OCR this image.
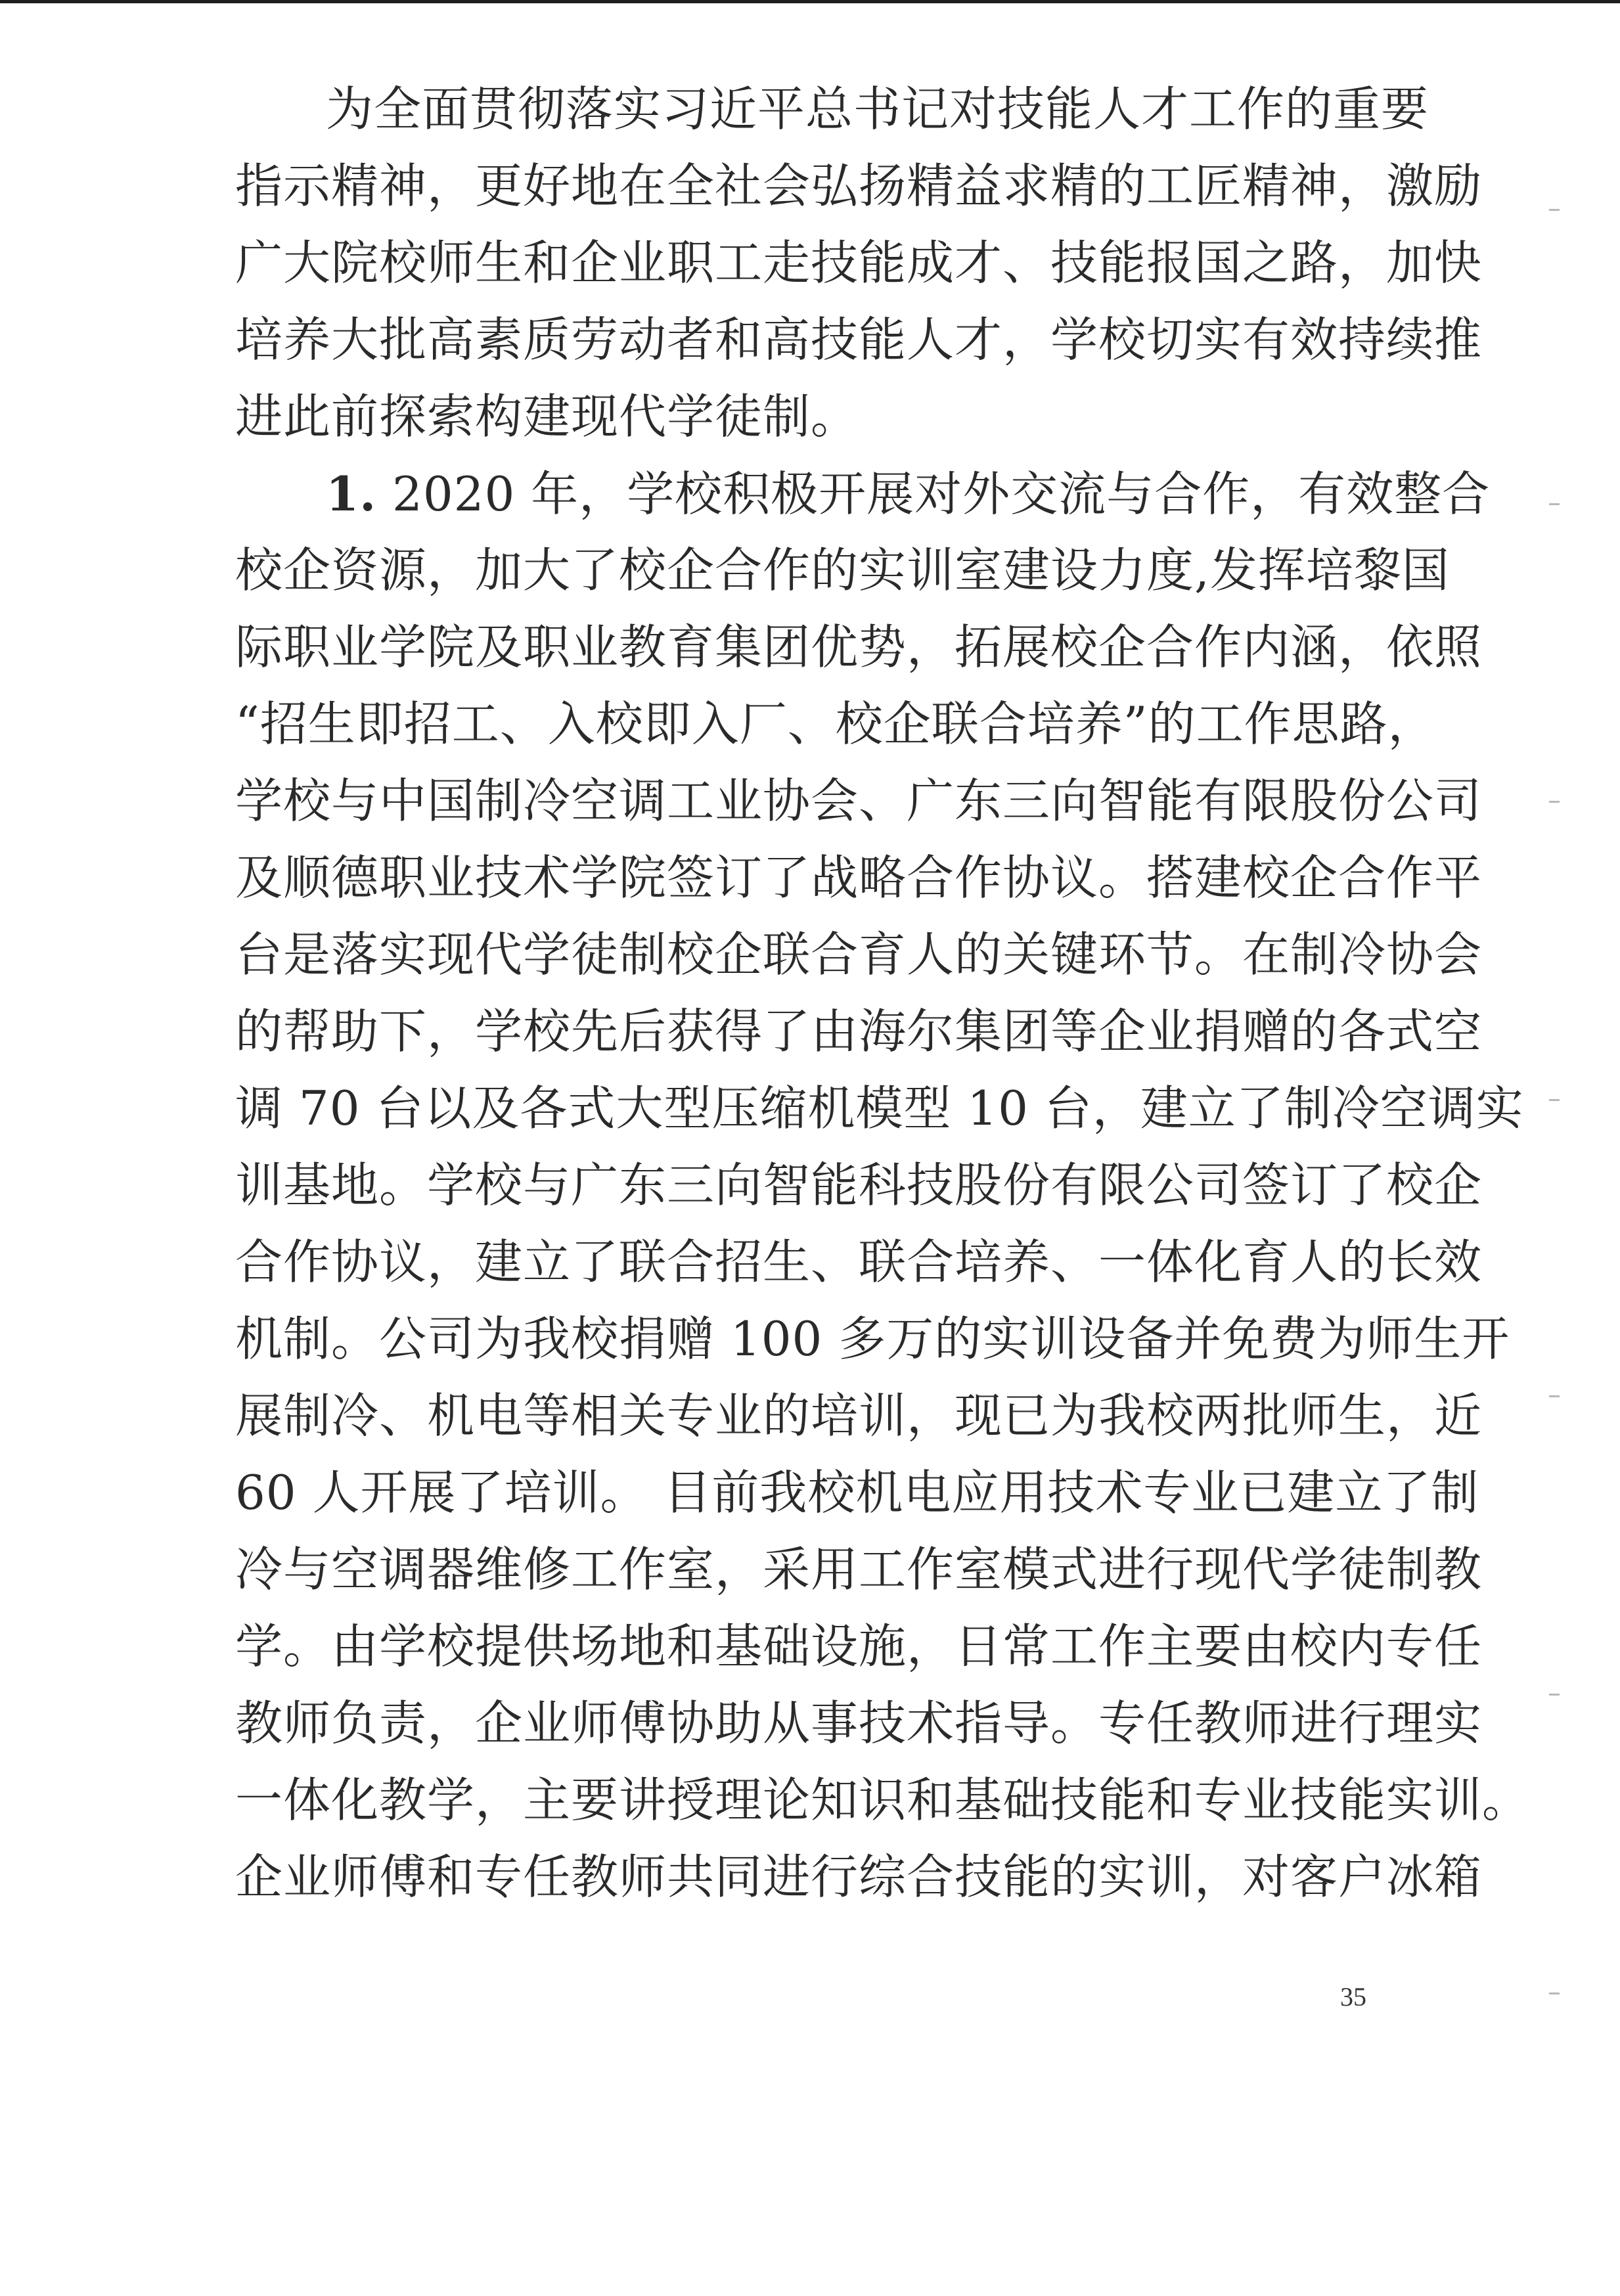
为全面贯彻落实习近平总书记对技能人才工作的重要
指示精神，更好地在全社会弘扬精益求精的工匠精神，激励
广大院校师生和企业职工走技能成才、技能报国之路，加快
培养大批高素质劳动者和高技能人才，学校切实有效持续推
进此前探索构建现代学徒制。
1. 2020 年，学校积极开展对外交流与合作，有效整合
校企资源，加大了校企合作的实训室建设力度,发挥培黎国
际职业学院及职业教育集团优势，拓展校企合作内涵，依照
“招生即招工、入校即入厂、校企联合培养”的工作思路，
学校与中国制冷空调工业协会、广东三向智能有限股份公司
及顺德职业技术学院签订了战略合作协议。搭建校企合作平
台是落实现代学徒制校企联合育人的关键环节。在制冷协会
的帮助下，学校先后获得了由海尔集团等企业捐赠的各式空
调 70 台以及各式大型压缩机模型 10 台，建立了制冷空调实
训基地。学校与广东三向智能科技股份有限公司签订了校企
合作协议，建立了联合招生、联合培养、一体化育人的长效
机制。公司为我校捐赠 100 多万的实训设备并免费为师生开
展制冷、机电等相关专业的培训，现已为我校两批师生，近
60 人开展了培训。 目前我校机电应用技术专业已建立了制
冷与空调器维修工作室，采用工作室模式进行现代学徒制教
学。由学校提供场地和基础设施，日常工作主要由校内专任
教师负责，企业师傅协助从事技术指导。专任教师进行理实
一体化教学，主要讲授理论知识和基础技能和专业技能实训。
企业师傅和专任教师共同进行综合技能的实训，对客户冰箱
35
